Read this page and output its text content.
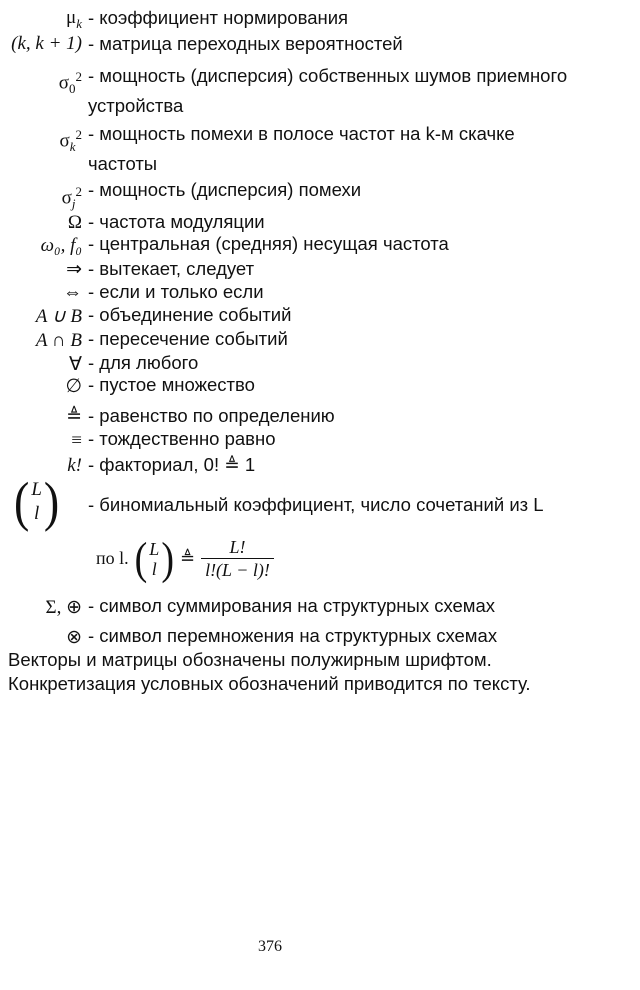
$\mu_k$ - коэффициент нормирования
(k, k + 1) - матрица переходных вероятностей
$\sigma_0^2$ - мощность (дисперсия) собственных шумов приемного устройства
$\sigma_k^2$ - мощность помехи в полосе частот на k-м скачке частоты
$\sigma_j^2$ - мощность (дисперсия) помехи
Ω - частота модуляции
ω₀, f₀ - центральная (средняя) несущая частота
⇒ - вытекает, следует
⇔ - если и только если
A ∪ B - объединение событий
A ∩ B - пересечение событий
∀ - для любого
∅ - пустое множество
≜ - равенство по определению
≡ - тождественно равно
k! - факториал, 0! ≜ 1
( L
l ) - биномиальный коэффициент, число сочетаний из L
по l. ( L
l ) ≜ $\frac{L!}{l!(L - l)!}$
Σ, ⊕ - символ суммирования на структурных схемах
⊗ - символ перемножения на структурных схемах
Векторы и матрицы обозначены полужирным шрифтом.
Конкретизация условных обозначений приводится по тексту.
376
